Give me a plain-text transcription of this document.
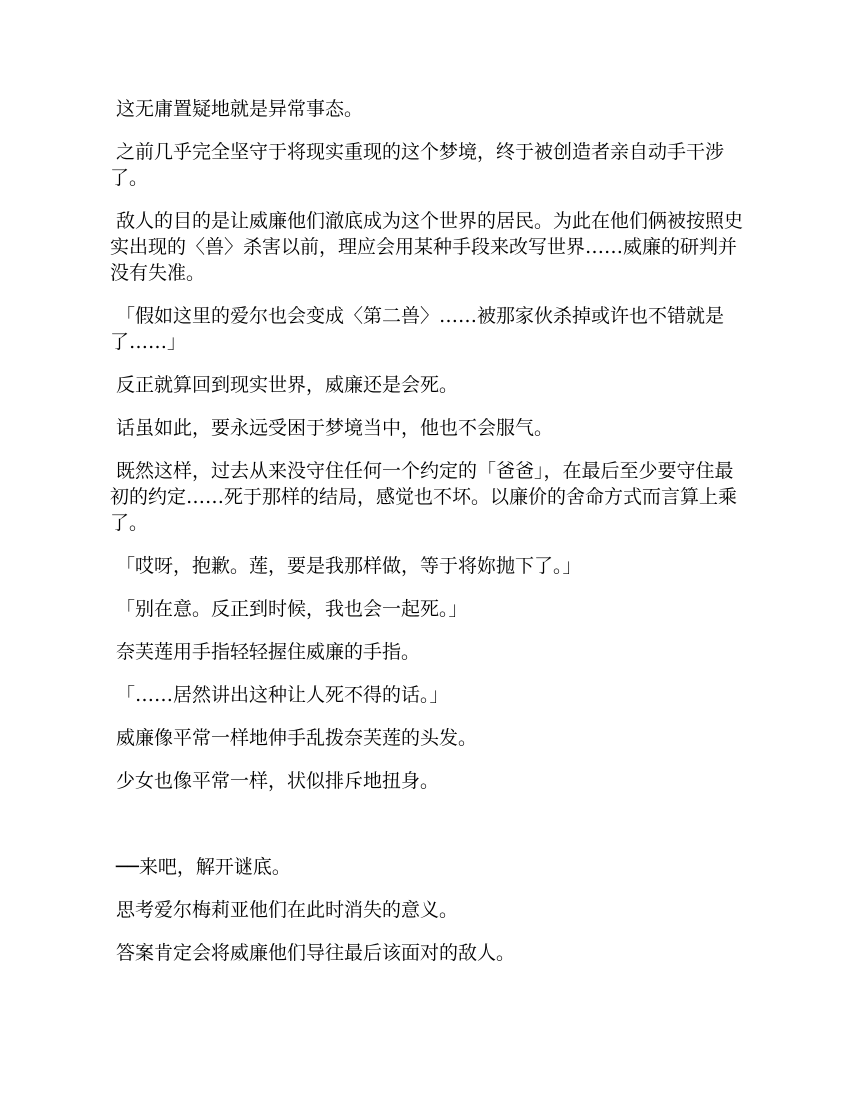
这无庸置疑地就是异常事态。

之前几乎完全坚守于将现实重现的这个梦境，终于被创造者亲自动手干涉了。

敌人的目的是让威廉他们澈底成为这个世界的居民。为此在他们俩被按照史实出现的〈兽〉杀害以前，理应会用某种手段来改写世界……威廉的研判并没有失准。

「假如这里的爱尔也会变成〈第二兽〉……被那家伙杀掉或许也不错就是了……」

反正就算回到现实世界，威廉还是会死。

话虽如此，要永远受困于梦境当中，他也不会服气。

既然这样，过去从来没守住任何一个约定的「爸爸」，在最后至少要守住最初的约定……死于那样的结局，感觉也不坏。以廉价的舍命方式而言算上乘了。

「哎呀，抱歉。莲，要是我那样做，等于将妳抛下了。」

「别在意。反正到时候，我也会一起死。」

奈芙莲用手指轻轻握住威廉的手指。

「……居然讲出这种让人死不得的话。」

威廉像平常一样地伸手乱拨奈芙莲的头发。

少女也像平常一样，状似排斥地扭身。

──来吧，解开谜底。

思考爱尔梅莉亚他们在此时消失的意义。

答案肯定会将威廉他们导往最后该面对的敌人。
